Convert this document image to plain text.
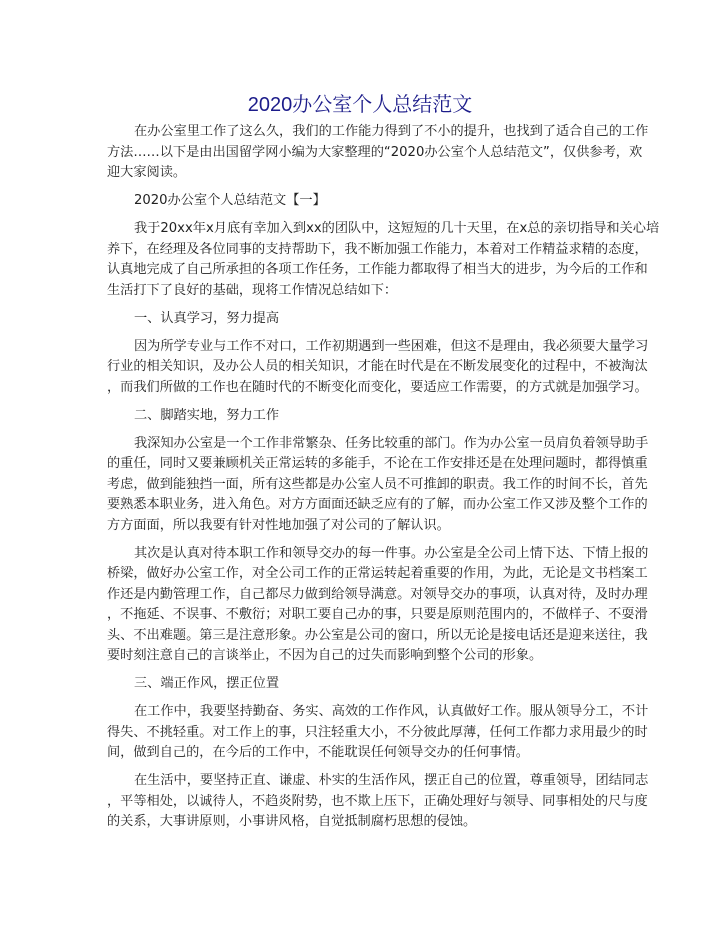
2020办公室个人总结范文
在办公室里工作了这么久，我们的工作能力得到了不小的提升，也找到了适合自己的工作
方法……以下是由出国留学网小编为大家整理的“2020办公室个人总结范文”，仅供参考，欢
迎大家阅读。
2020办公室个人总结范文【一】
我于20xx年x月底有幸加入到xx的团队中，这短短的几十天里，在x总的亲切指导和关心培
养下，在经理及各位同事的支持帮助下，我不断加强工作能力，本着对工作精益求精的态度，
认真地完成了自己所承担的各项工作任务，工作能力都取得了相当大的进步，为今后的工作和
生活打下了良好的基础，现将工作情况总结如下：
一、认真学习，努力提高
因为所学专业与工作不对口，工作初期遇到一些困难，但这不是理由，我必须要大量学习
行业的相关知识，及办公人员的相关知识，才能在时代是在不断发展变化的过程中，不被淘汰
，而我们所做的工作也在随时代的不断变化而变化，要适应工作需要，的方式就是加强学习。
二、脚踏实地，努力工作
我深知办公室是一个工作非常繁杂、任务比较重的部门。作为办公室一员肩负着领导助手
的重任，同时又要兼顾机关正常运转的多能手，不论在工作安排还是在处理问题时，都得慎重
考虑，做到能独挡一面，所有这些都是办公室人员不可推卸的职责。我工作的时间不长，首先
要熟悉本职业务，进入角色。对方方面面还缺乏应有的了解，而办公室工作又涉及整个工作的
方方面面，所以我要有针对性地加强了对公司的了解认识。
其次是认真对待本职工作和领导交办的每一件事。办公室是全公司上情下达、下情上报的
桥梁，做好办公室工作，对全公司工作的正常运转起着重要的作用，为此，无论是文书档案工
作还是内勤管理工作，自己都尽力做到给领导满意。对领导交办的事项，认真对待，及时办理
，不拖延、不误事、不敷衍；对职工要自己办的事，只要是原则范围内的，不做样子、不耍滑
头、不出难题。第三是注意形象。办公室是公司的窗口，所以无论是接电话还是迎来送往，我
要时刻注意自己的言谈举止，不因为自己的过失而影响到整个公司的形象。
三、端正作风，摆正位置
在工作中，我要坚持勤奋、务实、高效的工作作风，认真做好工作。服从领导分工，不计
得失、不挑轻重。对工作上的事，只注轻重大小，不分彼此厚薄，任何工作都力求用最少的时
间，做到自己的，在今后的工作中，不能耽误任何领导交办的任何事情。
在生活中，要坚持正直、谦虚、朴实的生活作风，摆正自己的位置，尊重领导，团结同志
，平等相处，以诚待人，不趋炎附势，也不欺上压下，正确处理好与领导、同事相处的尺与度
的关系，大事讲原则，小事讲风格，自觉抵制腐朽思想的侵蚀。
